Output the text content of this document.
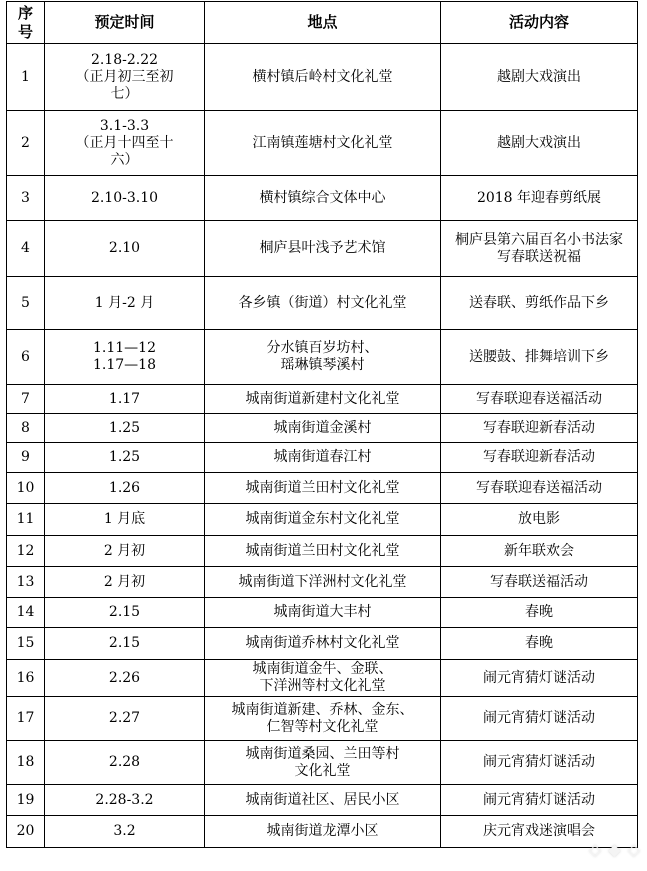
序号	预定时间	地点	活动内容
1	2.18-2.22
（正月初三至初
七）	横村镇后岭村文化礼堂	越剧大戏演出
2	3.1-3.3
（正月十四至十
六）	江南镇莲塘村文化礼堂	越剧大戏演出
3	2.10-3.10	横村镇综合文体中心	2018 年迎春剪纸展
4	2.10	桐庐县叶浅予艺术馆	桐庐县第六届百名小书法家
写春联送祝福
5	1 月-2 月	各乡镇（街道）村文化礼堂	送春联、剪纸作品下乡
6	1.11—12
1.17—18	分水镇百岁坊村、
瑶琳镇琴溪村	送腰鼓、排舞培训下乡
7	1.17	城南街道新建村文化礼堂	写春联迎春送福活动
8	1.25	城南街道金溪村	写春联迎新春活动
9	1.25	城南街道春江村	写春联迎新春活动
10	1.26	城南街道兰田村文化礼堂	写春联迎春送福活动
11	1 月底	城南街道金东村文化礼堂	放电影
12	2 月初	城南街道兰田村文化礼堂	新年联欢会
13	2 月初	城南街道下洋洲村文化礼堂	写春联送福活动
14	2.15	城南街道大丰村	春晚
15	2.15	城南街道乔林村文化礼堂	春晚
16	2.26	城南街道金牛、金联、
下洋洲等村文化礼堂	闹元宵猜灯谜活动
17	2.27	城南街道新建、乔林、金东、
仁智等村文化礼堂	闹元宵猜灯谜活动
18	2.28	城南街道桑园、兰田等村
文化礼堂	闹元宵猜灯谜活动
19	2.28-3.2	城南街道社区、居民小区	闹元宵猜灯谜活动
20	3.2	城南街道龙潭小区	庆元宵戏迷演唱会
◇ ◆ ◇
